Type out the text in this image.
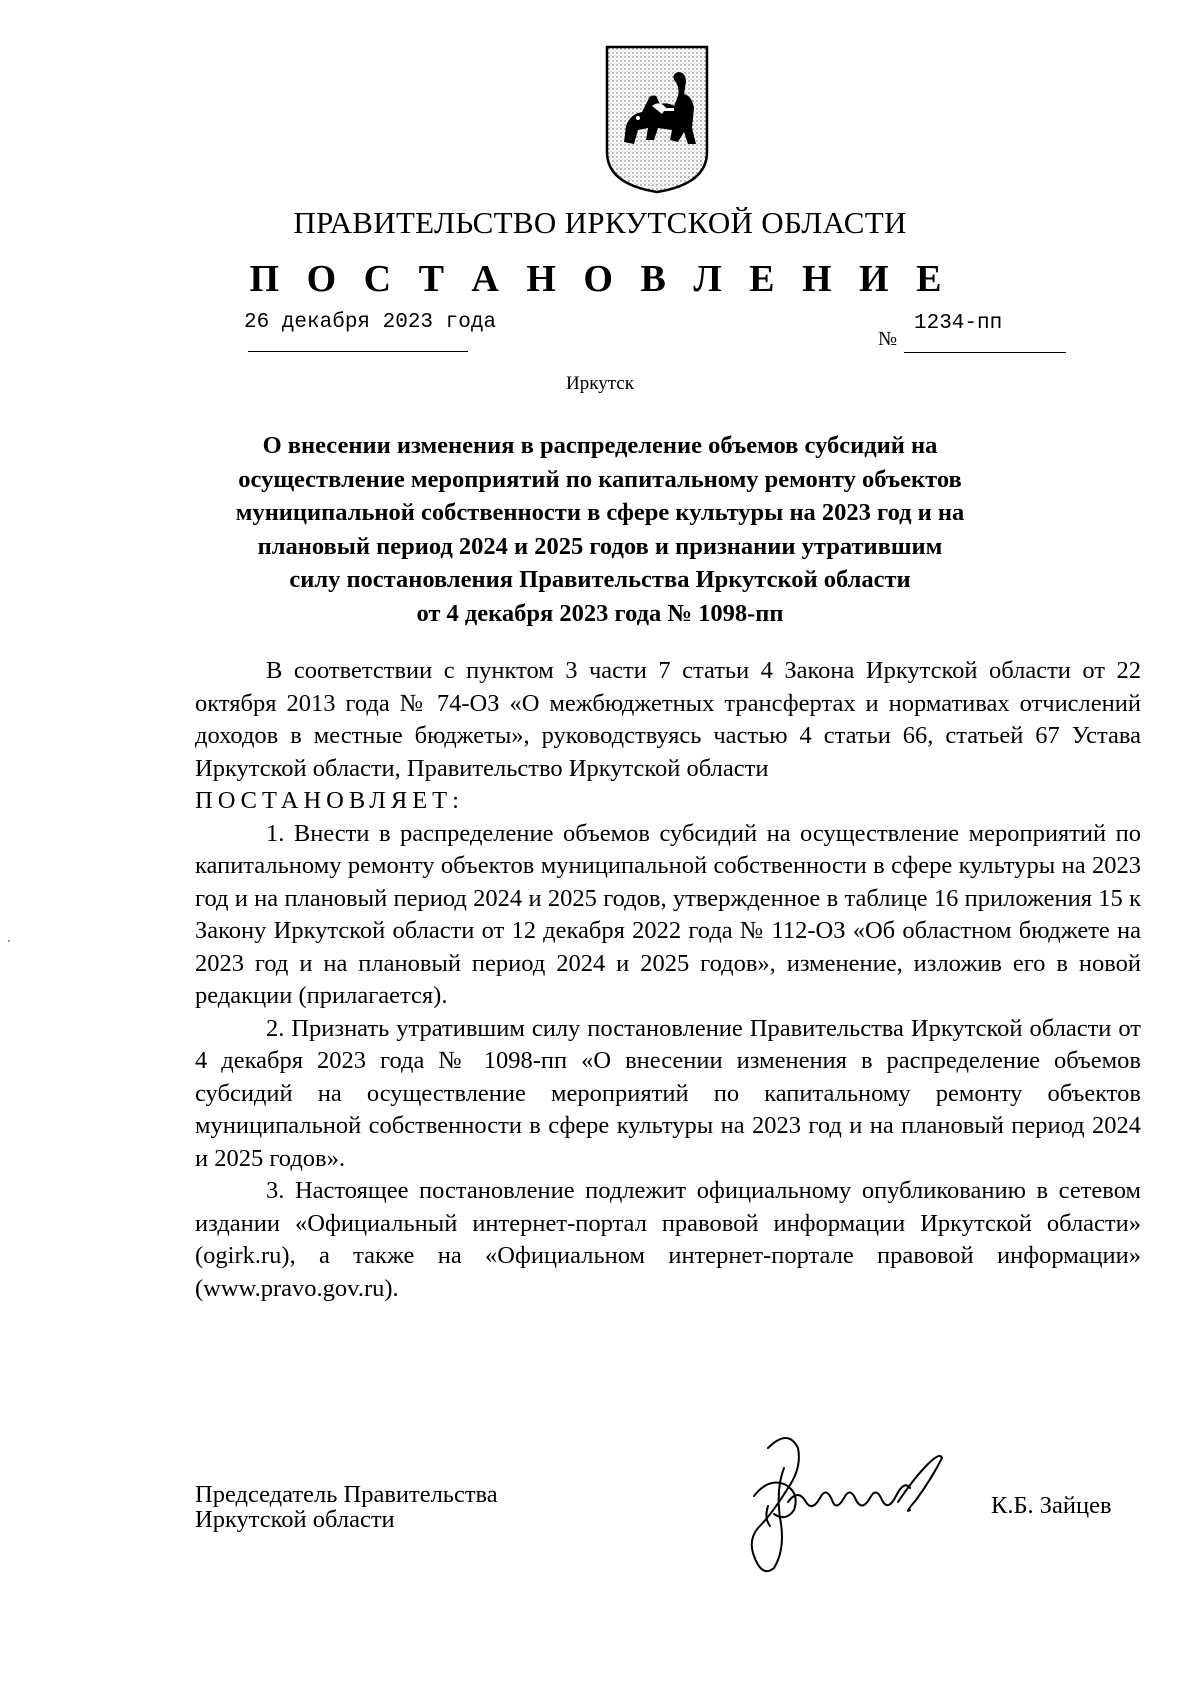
ПРАВИТЕЛЬСТВО ИРКУТСКОЙ ОБЛАСТИ
П О С Т А Н О В Л Е Н И Е
26 декабря 2023 года
№
1234-пп
Иркутск
О внесении изменения в распределение объемов субсидий на
осуществление мероприятий по капитальному ремонту объектов
муниципальной собственности в сфере культуры на 2023 год и на
плановый период 2024 и 2025 годов и признании утратившим
силу постановления Правительства Иркутской области
от 4 декабря 2023 года № 1098-пп

В соответствии с пунктом 3 части 7 статьи 4 Закона Иркутской области от 22 октября 2013 года № 74-ОЗ «О межбюджетных трансфертах и нормативах отчислений доходов в местные бюджеты», руководствуясь частью 4 статьи 66, статьей 67 Устава Иркутской области, Правительство Иркутской области

ПОСТАНОВЛЯЕТ:

1. Внести в распределение объемов субсидий на осуществление мероприятий по капитальному ремонту объектов муниципальной собственности в сфере культуры на 2023 год и на плановый период 2024 и 2025 годов, утвержденное в таблице 16 приложения 15 к Закону Иркутской области от 12 декабря 2022 года № 112-ОЗ «Об областном бюджете на 2023 год и на плановый период 2024 и 2025 годов», изменение, изложив его в новой редакции (прилагается).

2. Признать утратившим силу постановление Правительства Иркутской области от 4 декабря 2023 года № 1098-пп «О внесении изменения в распределение объемов субсидий на осуществление мероприятий по капитальному ремонту объектов муниципальной собственности в сфере культуры на 2023 год и на плановый период 2024 и 2025 годов».

3. Настоящее постановление подлежит официальному опубликованию в сетевом издании «Официальный интернет-портал правовой информации Иркутской области» (ogirk.ru), а также на «Официальном интернет-портале правовой информации» (www.pravo.gov.ru).

Председатель Правительства
Иркутской области
К.Б. Зайцев
